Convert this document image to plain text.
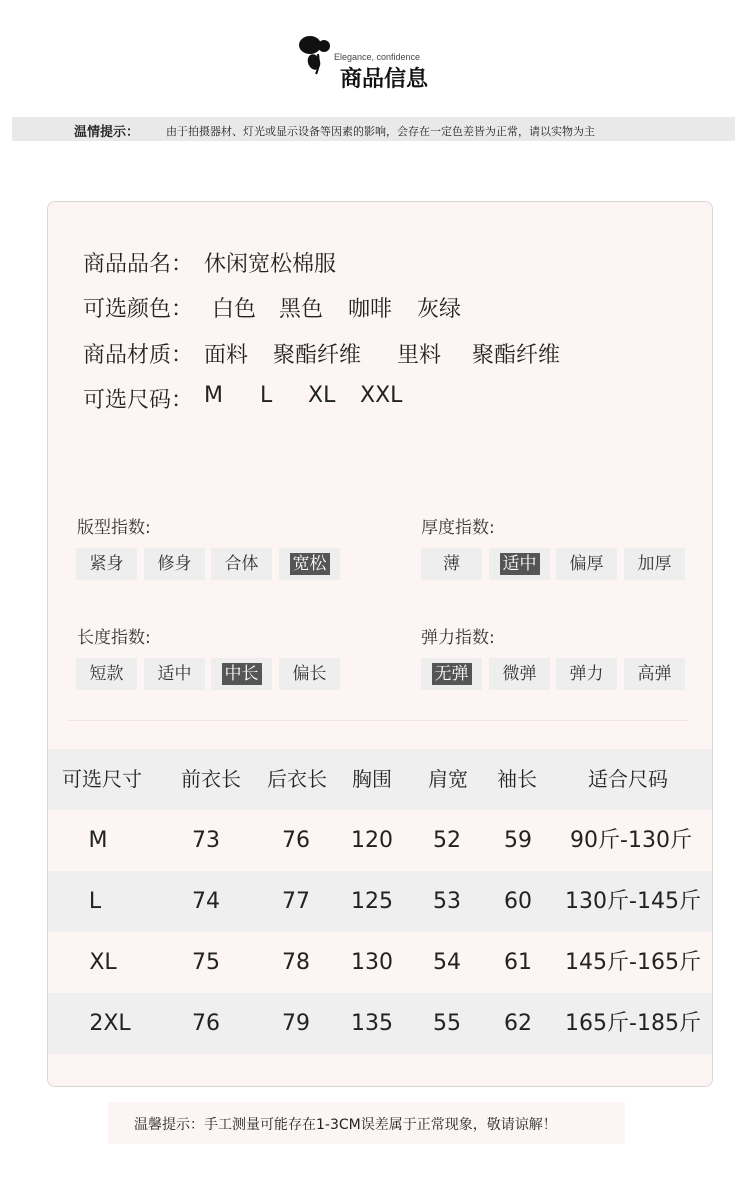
Elegance, confidence
商品信息
温情提示： 由于拍摄器材、灯光或显示设备等因素的影响，会存在一定色差皆为正常，请以实物为主
商品品名： 休闲宽松棉服
可选颜色： 白色 黑色 咖啡 灰绿
商品材质： 面料 聚酯纤维 里料 聚酯纤维
可选尺码： M L XL XXL
版型指数:
紧身	修身	合体	宽松
厚度指数:
薄	适中	偏厚	加厚
长度指数:
短款	适中	中长	偏长
弹力指数:
无弹	微弹	弹力	高弹
可选尺寸 前衣长 后衣长 胸围 肩宽 袖长	适合尺码
M	73	76 120 52 59 90斤-130斤
L	74	77 125 53 60 130斤-145斤
XL	75	78 130 54 61 145斤-165斤
2XL	76	79 135 55 62 165斤-185斤
温馨提示：手工测量可能存在1-3CM误差属于正常现象，敬请谅解！
